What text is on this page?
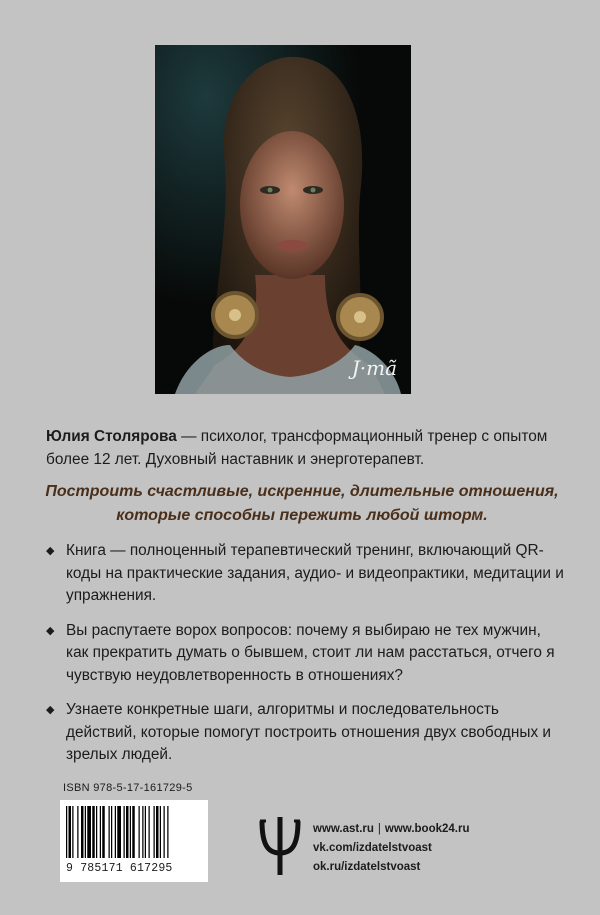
J·mã
Юлия Столярова — психолог, трансформационный тренер с опытом более 12 лет. Духовный наставник и энерготерапевт.
Построить счастливые, искренние, длительные отношения, которые способны пережить любой шторм.
◆ Книга — полноценный терапевтический тренинг, включающий QR-коды на практические задания, аудио- и видеопрактики, медитации и упражнения.
◆ Вы распутаете ворох вопросов: почему я выбираю не тех мужчин, как прекратить думать о бывшем, стоит ли нам расстаться, отчего я чувствую неудовлетворенность в отношениях?
◆ Узнаете конкретные шаги, алгоритмы и последовательность действий, которые помогут построить отношения двух свободных и зрелых людей.
ISBN 978-5-17-161729-5
9 785171 617295
www.ast.ru | www.book24.ru
vk.com/izdatelstvoast
ok.ru/izdatelstvoast
